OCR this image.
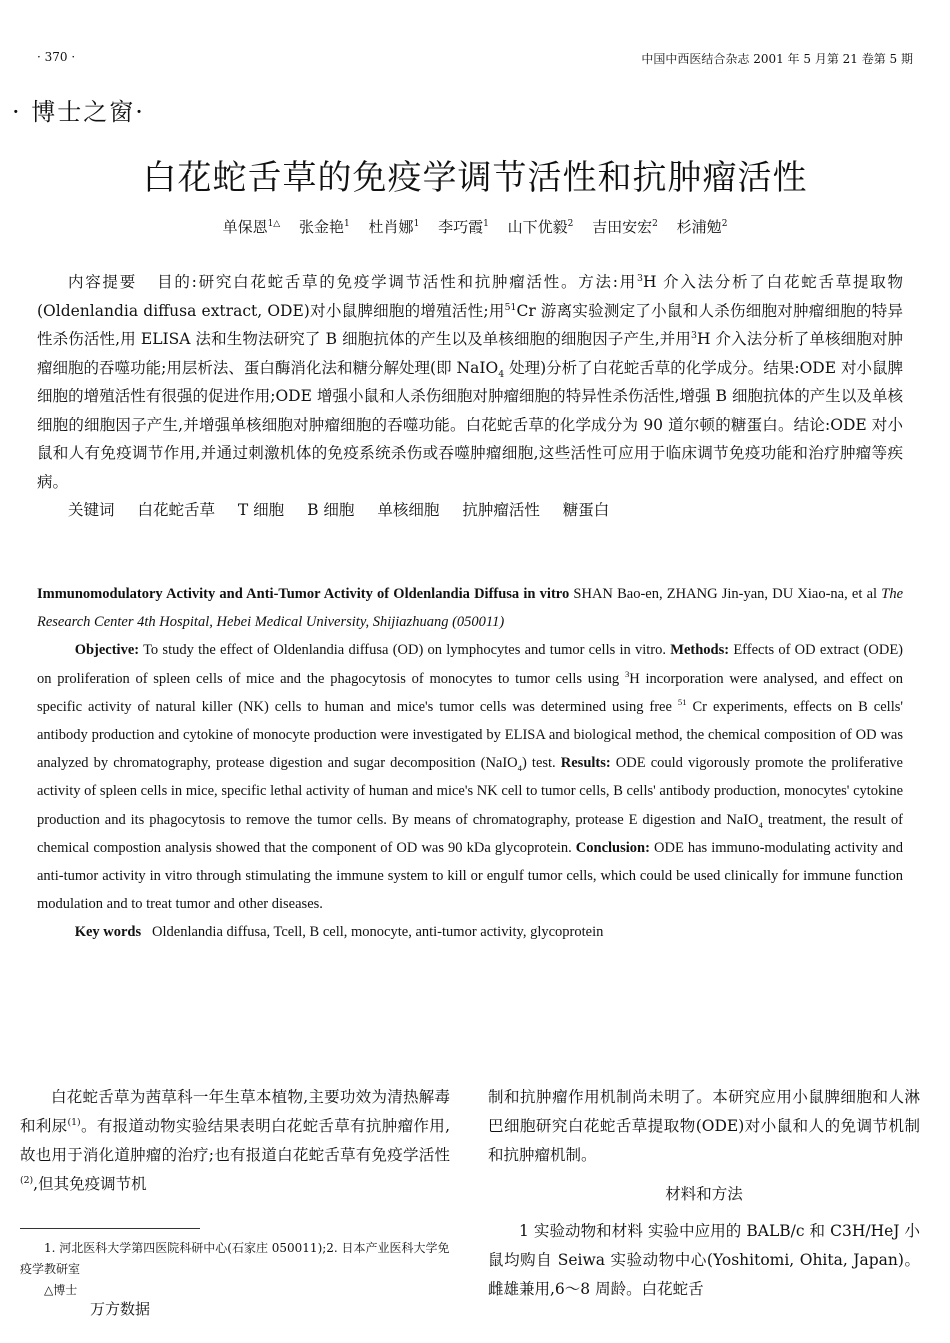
· 370 ·	中国中西医结合杂志 2001 年 5 月第 21 卷第 5 期
· 博士之窗·
白花蛇舌草的免疫学调节活性和抗肿瘤活性
单保恩$^{1\triangle}$ 张金艳$^1$ 杜肖娜$^1$ 李巧霞$^1$ 山下优毅$^2$ 吉田安宏$^2$ 杉浦勉$^2$

内容提要 目的:研究白花蛇舌草的免疫学调节活性和抗肿瘤活性。方法:用$^3$H 介入法分析了白花蛇舌草提取物(Oldenlandia diffusa extract, ODE)对小鼠脾细胞的增殖活性;用$^{51}$Cr 游离实验测定了小鼠和人杀伤细胞对肿瘤细胞的特异性杀伤活性,用 ELISA 法和生物法研究了 B 细胞抗体的产生以及单核细胞的细胞因子产生,并用$^3$H 介入法分析了单核细胞对肿瘤细胞的吞噬功能;用层析法、蛋白酶消化法和糖分解处理(即 NaIO$_4$ 处理)分析了白花蛇舌草的化学成分。结果:ODE 对小鼠脾细胞的增殖活性有很强的促进作用;ODE 增强小鼠和人杀伤细胞对肿瘤细胞的特异性杀伤活性,增强 B 细胞抗体的产生以及单核细胞的细胞因子产生,并增强单核细胞对肿瘤细胞的吞噬功能。白花蛇舌草的化学成分为 90 道尔顿的糖蛋白。结论:ODE 对小鼠和人有免疫调节作用,并通过刺激机体的免疫系统杀伤或吞噬肿瘤细胞,这些活性可应用于临床调节免疫功能和治疗肿瘤等疾病。

关键词 白花蛇舌草 T 细胞 B 细胞 单核细胞 抗肿瘤活性 糖蛋白

Immunomodulatory Activity and Anti-Tumor Activity of Oldenlandia Diffusa in vitro SHAN Bao-en, ZHANG Jin-yan, DU Xiao-na, et al The Research Center 4th Hospital, Hebei Medical University, Shijiazhuang (050011)

Objective: To study the effect of Oldenlandia diffusa (OD) on lymphocytes and tumor cells in vitro. Methods: Effects of OD extract (ODE) on proliferation of spleen cells of mice and the phagocytosis of monocytes to tumor cells using $^3$H incorporation were analysed, and effect on specific activity of natural killer (NK) cells to human and mice's tumor cells was determined using free $^{51}$ Cr experiments, effects on B cells' antibody production and cytokine of monocyte production were investigated by ELISA and biological method, the chemical composition of OD was analyzed by chromatography, protease digestion and sugar decomposition (NaIO$_4$) test. Results: ODE could vigorously promote the proliferative activity of spleen cells in mice, specific lethal activity of human and mice's NK cell to tumor cells, B cells' antibody production, monocytes' cytokine production and its phagocytosis to remove the tumor cells. By means of chromatography, protease E digestion and NaIO$_4$ treatment, the result of chemical compostion analysis showed that the component of OD was 90 kDa glycoprotein. Conclusion: ODE has immuno-modulating activity and anti-tumor activity in vitro through stimulating the immune system to kill or engulf tumor cells, which could be used clinically for immune function modulation and to treat tumor and other diseases.

Key words Oldenlandia diffusa, Tcell, B cell, monocyte, anti-tumor activity, glycoprotein

白花蛇舌草为茜草科一年生草本植物,主要功效为清热解毒和利尿$^{(1)}$。有报道动物实验结果表明白花蛇舌草有抗肿瘤作用,故也用于消化道肿瘤的治疗;也有报道白花蛇舌草有免疫学活性$^{(2)}$,但其免疫调节机

制和抗肿瘤作用机制尚未明了。本研究应用小鼠脾细胞和人淋巴细胞研究白花蛇舌草提取物(ODE)对小鼠和人的免调节机制和抗肿瘤机制。

材料和方法

1 实验动物和材料 实验中应用的 BALB/c 和 C3H/HeJ 小鼠均购自 Seiwa 实验动物中心(Yoshitomi, Ohita, Japan)。雌雄兼用,6～8 周龄。白花蛇舌

1. 河北医科大学第四医院科研中心(石家庄 050011);2. 日本产业医科大学免疫学教研室

△博士

万方数据
